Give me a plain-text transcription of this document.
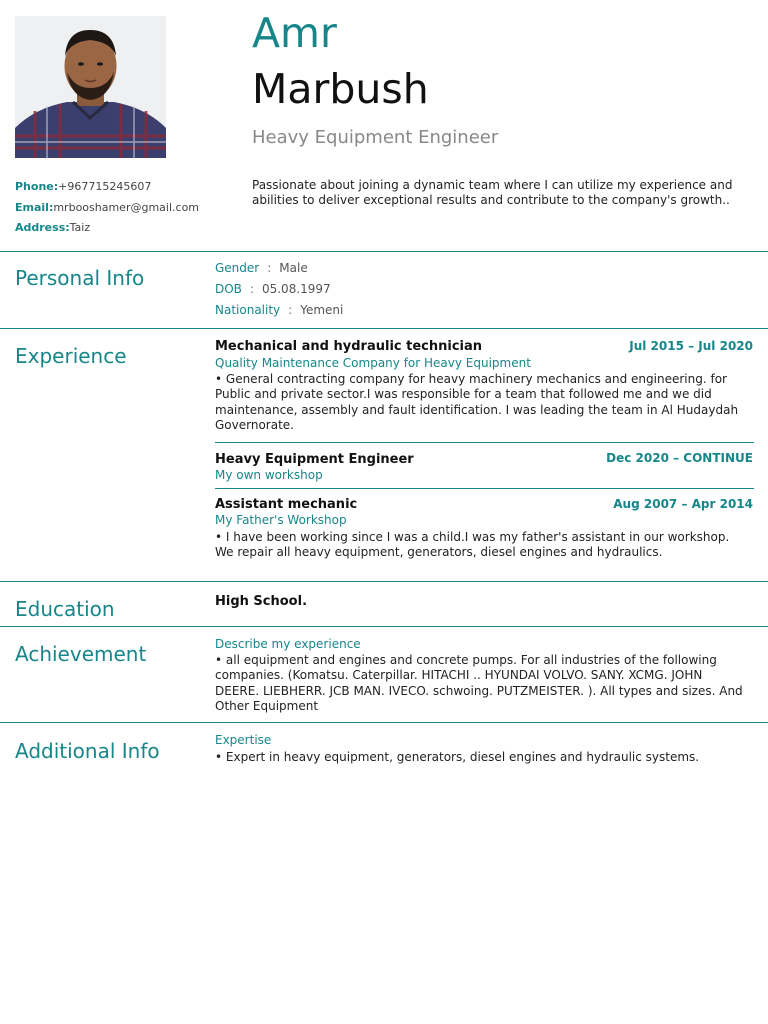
Amr
Marbush
Heavy Equipment Engineer
Passionate about joining a dynamic team where I can utilize my experience and abilities to deliver exceptional results and contribute to the company's growth..
Phone:+967715245607
Email:mrbooshamer@gmail.com
Address:Taiz
Personal Info	Gender : Male
DOB : 05.08.1997
Nationality : Yemeni
Experience	Mechanical and hydraulic technician	Jul 2015 – Jul 2020
Quality Maintenance Company for Heavy Equipment
• General contracting company for heavy machinery mechanics and engineering. for Public and private sector.I was responsible for a team that followed me and we did maintenance, assembly and fault identification. I was leading the team in Al Hudaydah Governorate.
Heavy Equipment Engineer	Dec 2020 – CONTINUE
My own workshop
Assistant mechanic	Aug 2007 – Apr 2014
My Father's Workshop
• I have been working since I was a child.I was my father's assistant in our workshop. We repair all heavy equipment, generators, diesel engines and hydraulics.
Education	High School.
Achievement	Describe my experience
• all equipment and engines and concrete pumps. For all industries of the following companies. (Komatsu. Caterpillar. HITACHI .. HYUNDAI VOLVO. SANY. XCMG. JOHN DEERE. LIEBHERR. JCB MAN. IVECO. schwoing. PUTZMEISTER. ). All types and sizes. And Other Equipment
Additional Info	Expertise
• Expert in heavy equipment, generators, diesel engines and hydraulic systems.
